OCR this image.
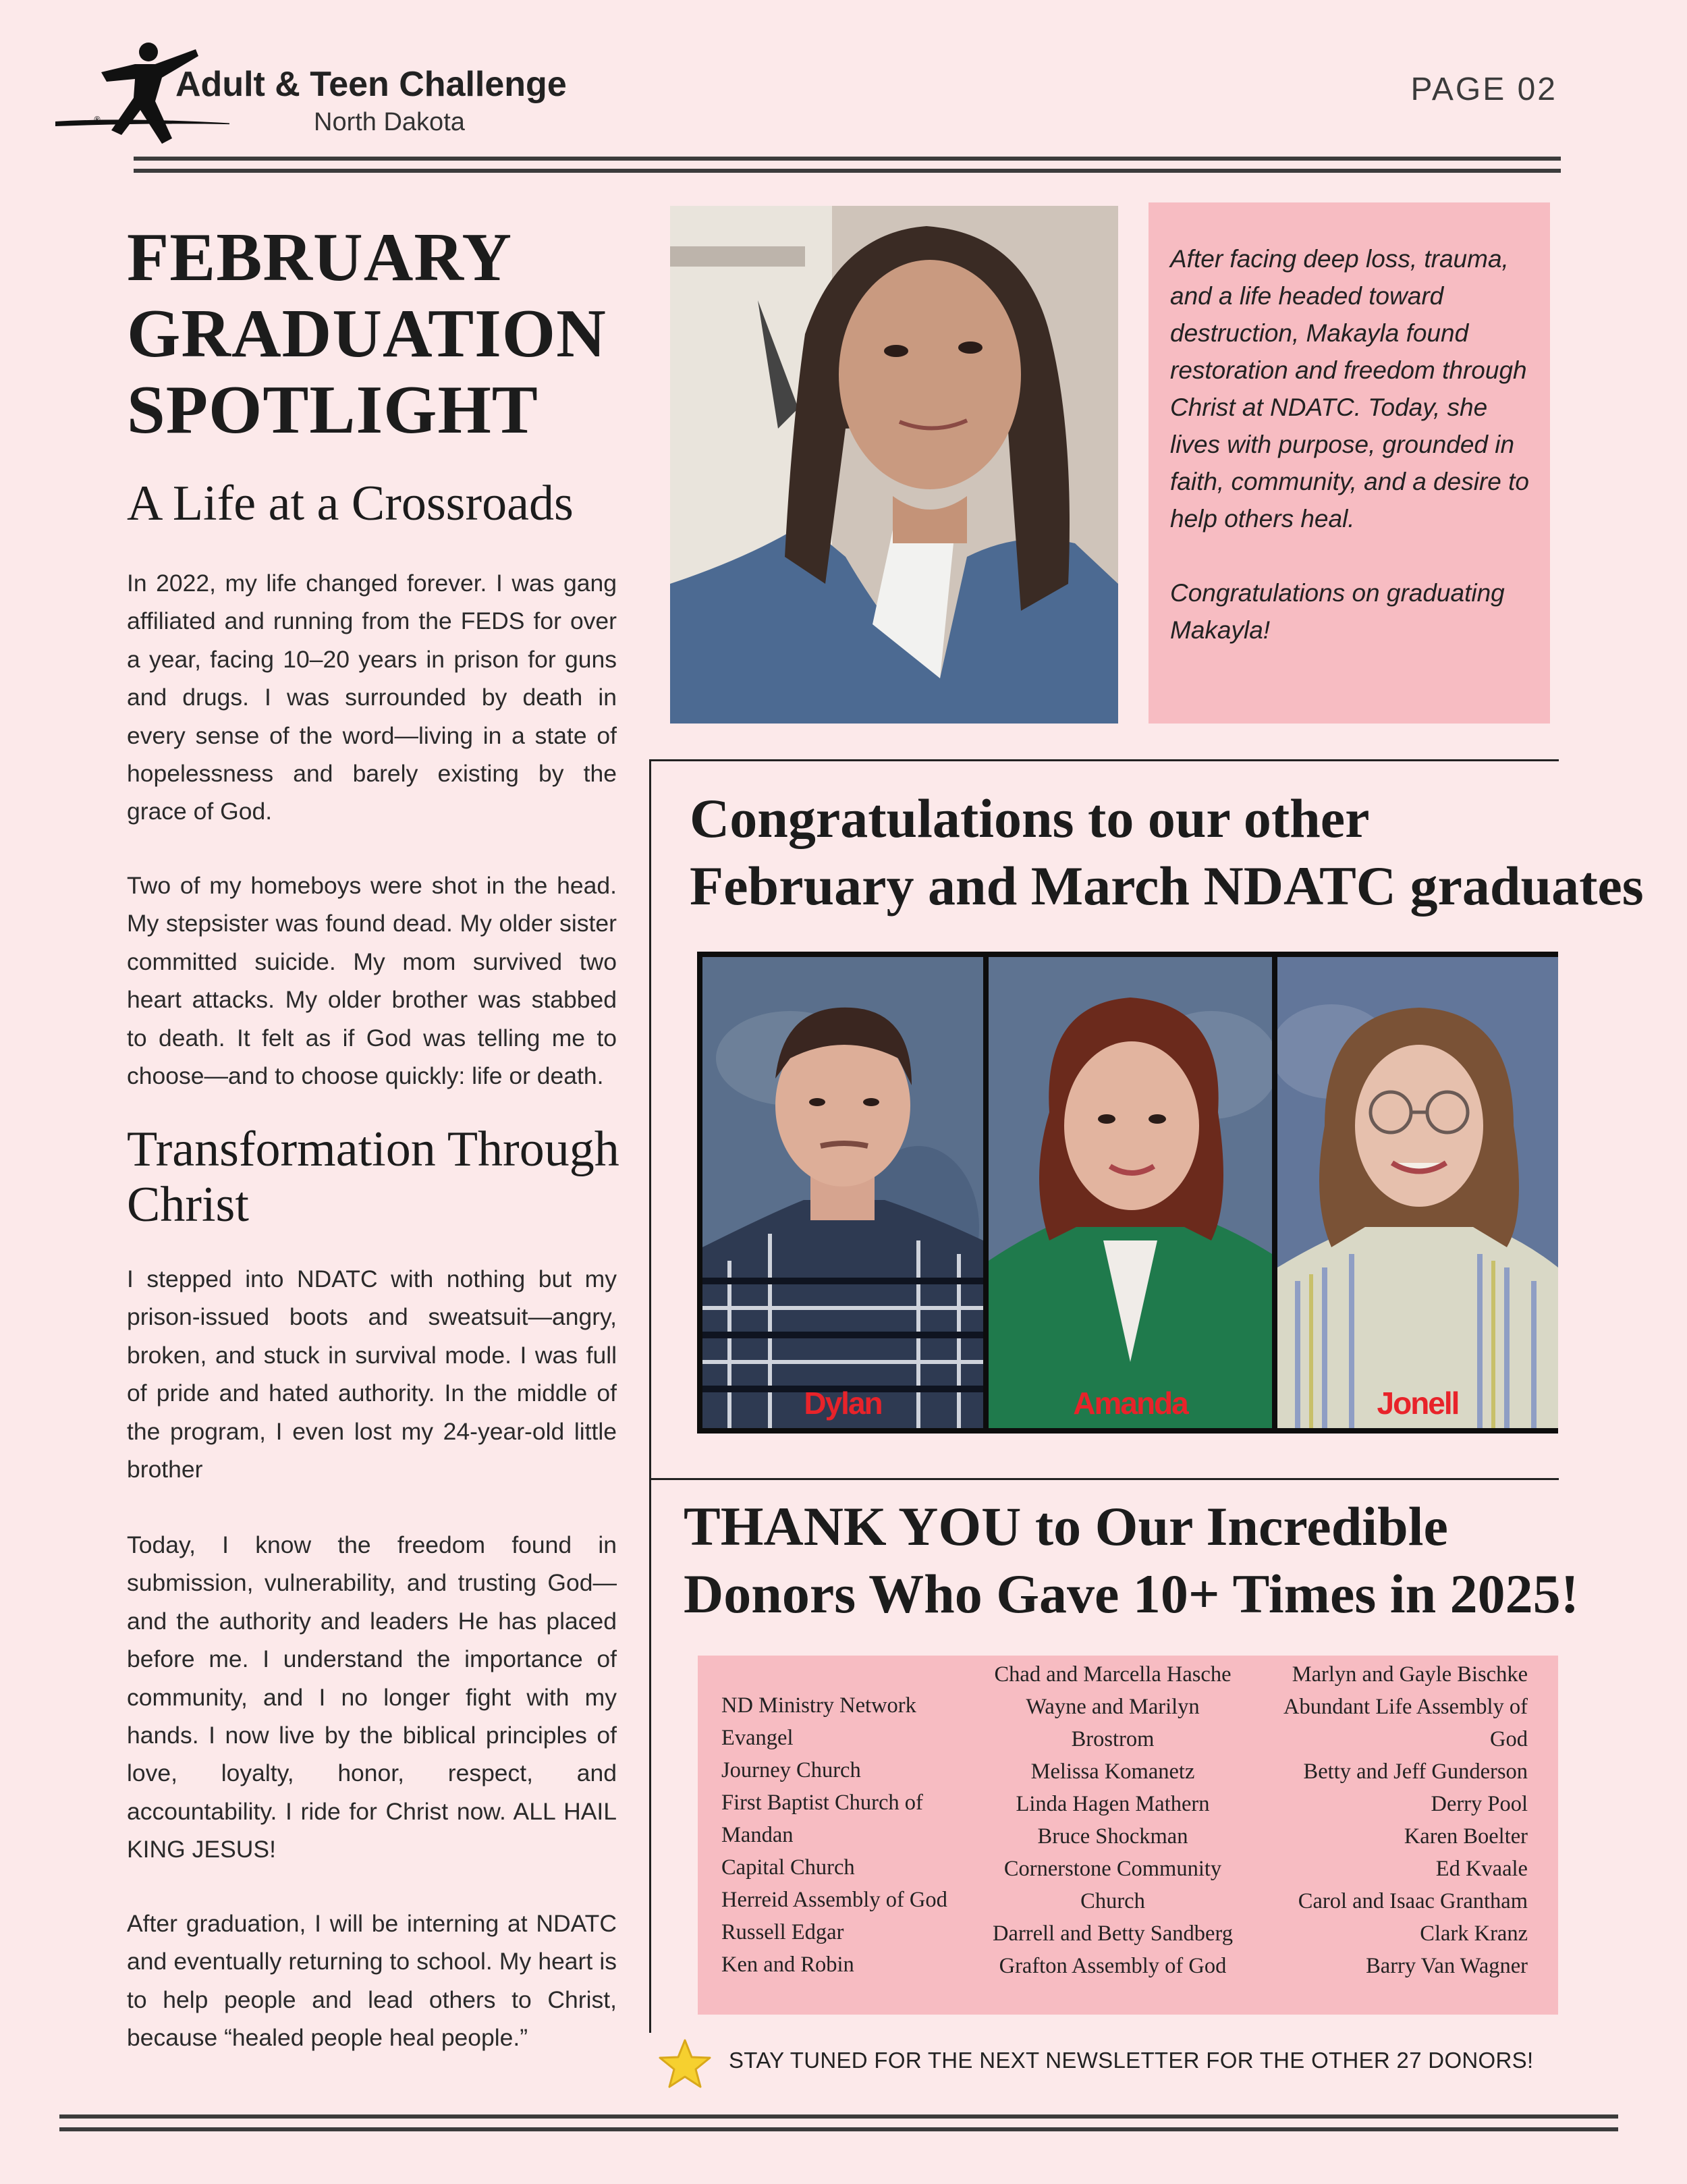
®
Adult & Teen Challenge
North Dakota
PAGE 02
FEBRUARY
GRADUATION
SPOTLIGHT
A Life at a Crossroads

In 2022, my life changed forever. I was gang affiliated and running from the FEDS for over a year, facing 10–20 years in prison for guns and drugs. I was surrounded by death in every sense of the word—living in a state of hopelessness and barely existing by the grace of God.

Two of my homeboys were shot in the head. My stepsister was found dead. My older sister committed suicide. My mom survived two heart attacks. My older brother was stabbed to death. It felt as if God was telling me to choose—and to choose quickly: life or death.

Transformation Through
Christ

I stepped into NDATC with nothing but my prison-issued boots and sweatsuit—angry, broken, and stuck in survival mode. I was full of pride and hated authority. In the middle of the program, I even lost my 24-year-old little brother

Today, I know the freedom found in submission, vulnerability, and trusting God—and the authority and leaders He has placed before me. I understand the importance of community, and I no longer fight with my hands. I now live by the biblical principles of love, loyalty, honor, respect, and accountability. I ride for Christ now. ALL HAIL KING JESUS!

After graduation, I will be interning at NDATC and eventually returning to school. My heart is to help people and lead others to Christ, because “healed people heal people.”

After facing deep loss, trauma, and a life headed toward destruction, Makayla found restoration and freedom through Christ at NDATC. Today, she lives with purpose, grounded in faith, community, and a desire to help others heal.

Congratulations on graduating Makayla!

Congratulations to our other
February and March NDATC graduates
Dylan	Amanda	Jonell
THANK YOU to Our Incredible
Donors Who Gave 10+ Times in 2025!
ND Ministry Network
Evangel
Journey Church
First Baptist Church of
Mandan
Capital Church
Herreid Assembly of God
Russell Edgar
Ken and Robin
Chad and Marcella Hasche
Wayne and Marilyn
Brostrom
Melissa Komanetz
Linda Hagen Mathern
Bruce Shockman
Cornerstone Community
Church
Darrell and Betty Sandberg
Grafton Assembly of God
Marlyn and Gayle Bischke
Abundant Life Assembly of
God
Betty and Jeff Gunderson
Derry Pool
Karen Boelter
Ed Kvaale
Carol and Isaac Grantham
Clark Kranz
Barry Van Wagner
STAY TUNED FOR THE NEXT NEWSLETTER FOR THE OTHER 27 DONORS!
